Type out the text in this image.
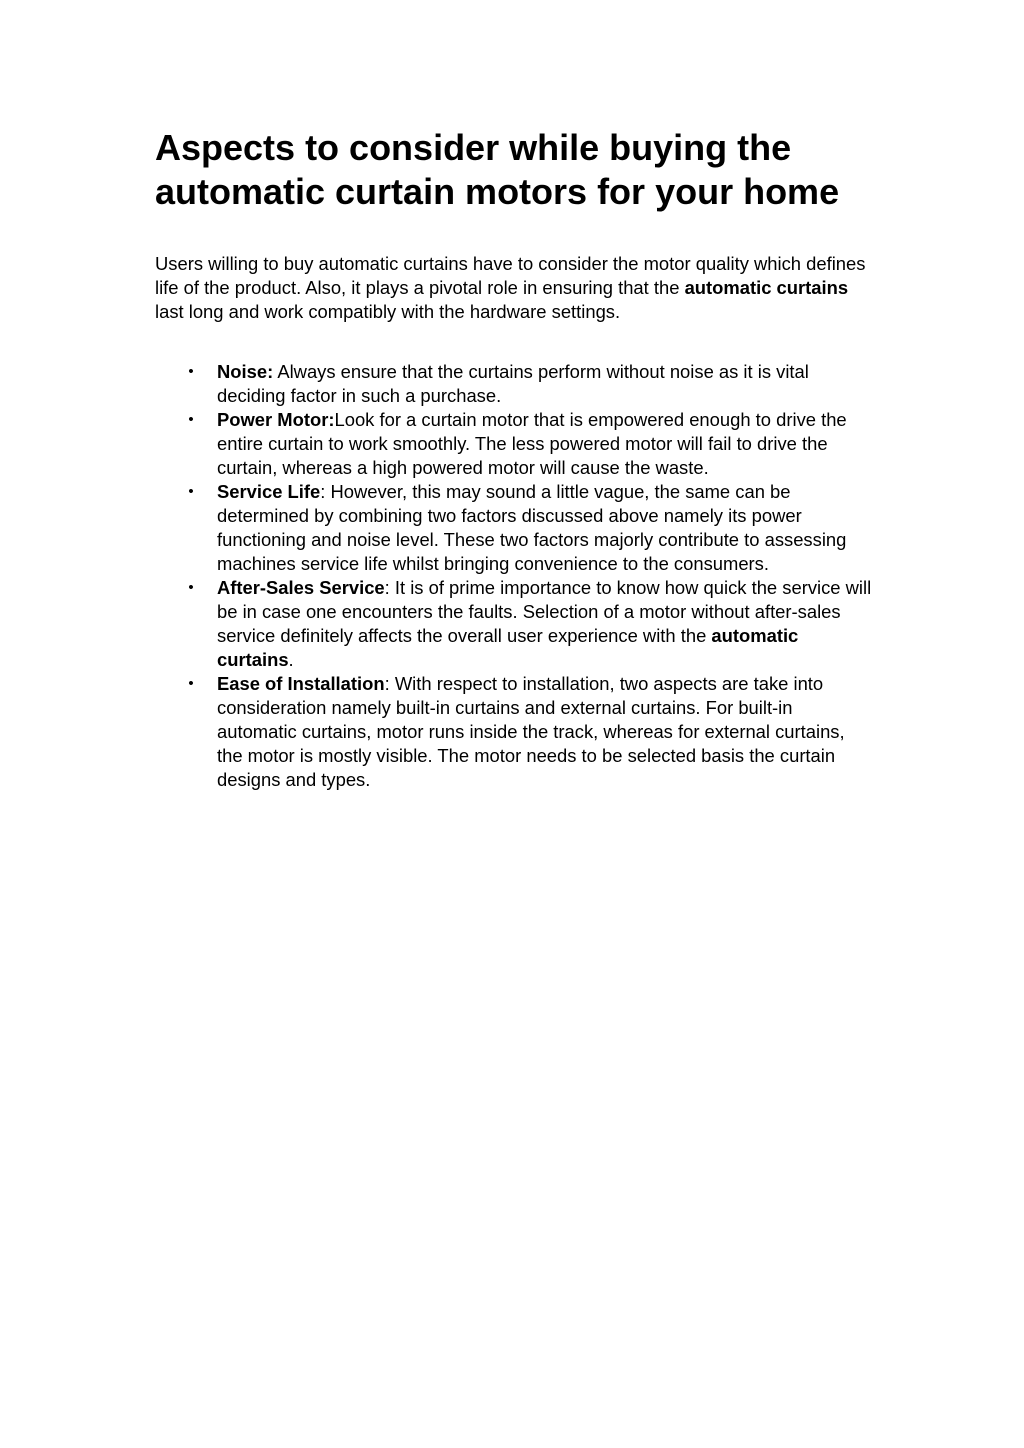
Aspects to consider while buying the automatic curtain motors for your home

Users willing to buy automatic curtains have to consider the motor quality which defines life of the product. Also, it plays a pivotal role in ensuring that the automatic curtains last long and work compatibly with the hardware settings.

• Noise: Always ensure that the curtains perform without noise as it is vital deciding factor in such a purchase.
• Power Motor:Look for a curtain motor that is empowered enough to drive the entire curtain to work smoothly. The less powered motor will fail to drive the curtain, whereas a high powered motor will cause the waste.
• Service Life: However, this may sound a little vague, the same can be determined by combining two factors discussed above namely its power functioning and noise level. These two factors majorly contribute to assessing machines service life whilst bringing convenience to the consumers.
• After-Sales Service: It is of prime importance to know how quick the service will be in case one encounters the faults. Selection of a motor without after-sales service definitely affects the overall user experience with the automatic curtains.
• Ease of Installation: With respect to installation, two aspects are take into consideration namely built-in curtains and external curtains. For built-in automatic curtains, motor runs inside the track, whereas for external curtains, the motor is mostly visible. The motor needs to be selected basis the curtain designs and types.
